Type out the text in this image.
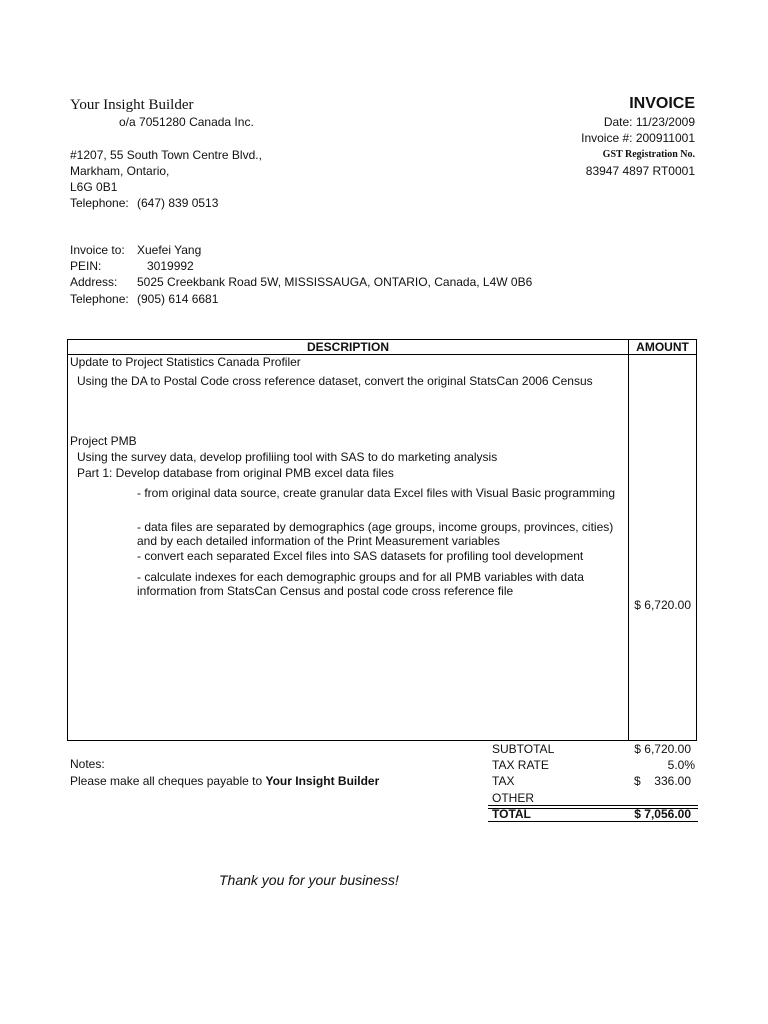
Your Insight Builder
o/a 7051280 Canada Inc.
#1207, 55 South Town Centre Blvd.,
Markham, Ontario,
L6G 0B1
Telephone: (647) 839 0513
INVOICE
Date: 11/23/2009
Invoice #: 200911001
GST Registration No.
83947 4897 RT0001
Invoice to: Xuefei Yang
PEIN:	3019992
Address: 5025 Creekbank Road 5W, MISSISSAUGA, ONTARIO, Canada, L4W 0B6
Telephone: (905) 614 6681
DESCRIPTION	AMOUNT
Update to Project Statistics Canada Profiler
Using the DA to Postal Code cross reference dataset, convert the original StatsCan 2006 Census
Project PMB
Using the survey data, develop profiliing tool with SAS to do marketing analysis
Part 1: Develop database from original PMB excel data files
- from original data source, create granular data Excel files with Visual Basic programming
- data files are separated by demographics (age groups, income groups, provinces, cities)
and by each detailed information of the Print Measurement variables
- convert each separated Excel files into SAS datasets for profiling tool development
- calculate indexes for each demographic groups and for all PMB variables with data
information from StatsCan Census and postal code cross reference file
$ 6,720.00
Notes:
Please make all cheques payable to Your Insight Builder
SUBTOTAL	$ 6,720.00
TAX RATE	5.0%
TAX	$ 336.00
OTHER
TOTAL	$ 7,056.00
Thank you for your business!
